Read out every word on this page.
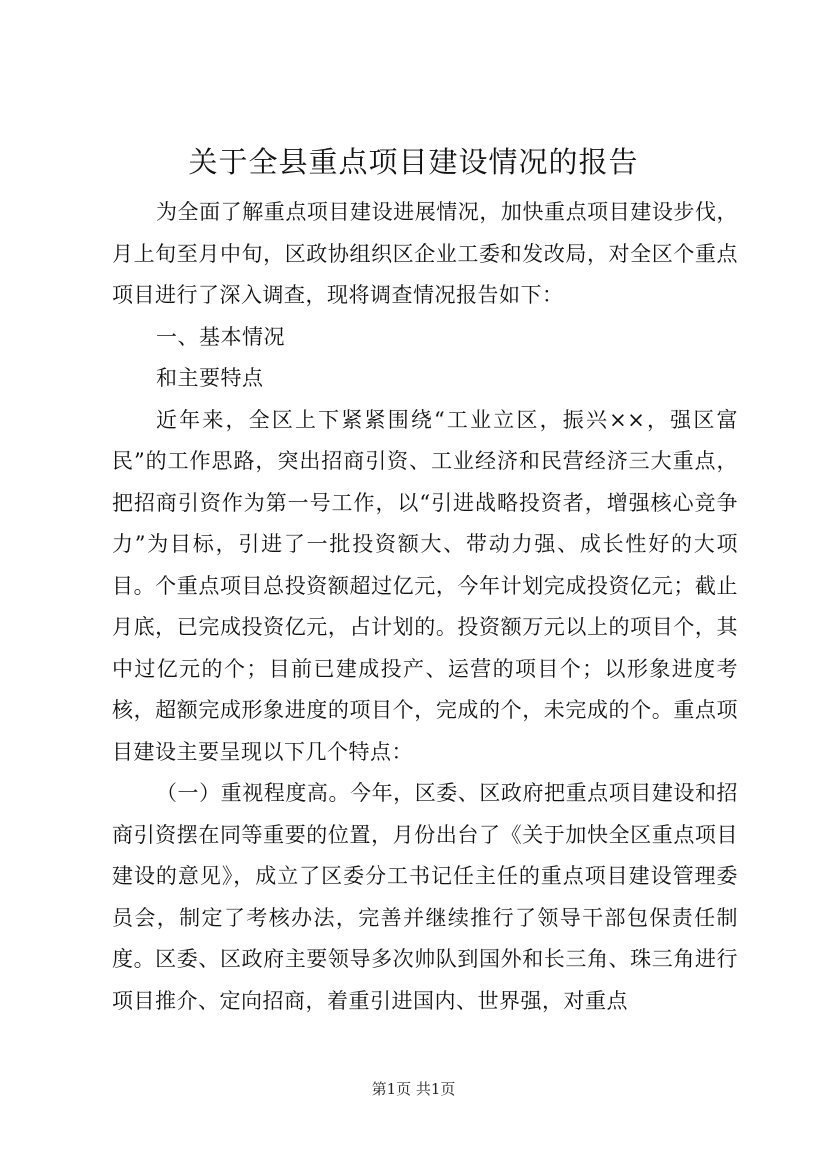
关于全县重点项目建设情况的报告

为全面了解重点项目建设进展情况，加快重点项目建设步伐，月上旬至月中旬，区政协组织区企业工委和发改局，对全区个重点项目进行了深入调查，现将调查情况报告如下：

一、基本情况

和主要特点

近年来，全区上下紧紧围绕“工业立区，振兴××，强区富民”的工作思路，突出招商引资、工业经济和民营经济三大重点，把招商引资作为第一号工作，以“引进战略投资者，增强核心竞争力”为目标，引进了一批投资额大、带动力强、成长性好的大项目。个重点项目总投资额超过亿元，今年计划完成投资亿元；截止月底，已完成投资亿元，占计划的。投资额万元以上的项目个，其中过亿元的个；目前已建成投产、运营的项目个；以形象进度考核，超额完成形象进度的项目个，完成的个，未完成的个。重点项目建设主要呈现以下几个特点：

（一）重视程度高。今年，区委、区政府把重点项目建设和招商引资摆在同等重要的位置，月份出台了《关于加快全区重点项目建设的意见》，成立了区委分工书记任主任的重点项目建设管理委员会，制定了考核办法，完善并继续推行了领导干部包保责任制度。区委、区政府主要领导多次帅队到国外和长三角、珠三角进行项目推介、定向招商，着重引进国内、世界强，对重点

第1页 共1页
